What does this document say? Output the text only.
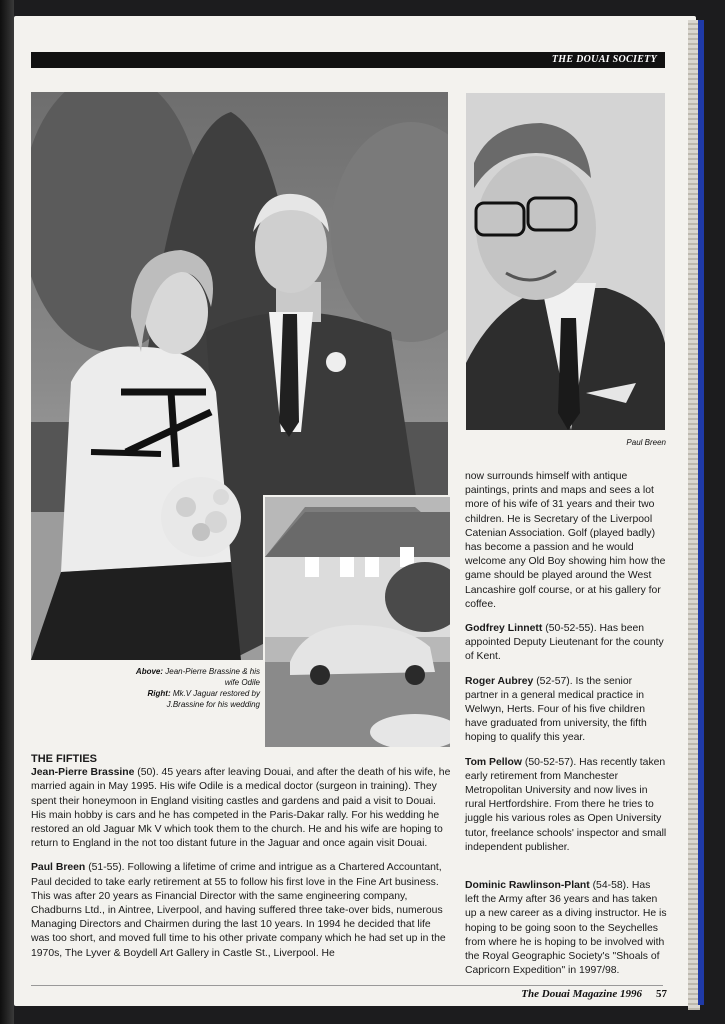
THE DOUAI SOCIETY
Above: Jean-Pierre Brassine & his wife Odile
Right: Mk.V Jaguar restored by J.Brassine for his wedding
Paul Breen
THE FIFTIES

Jean-Pierre Brassine (50). 45 years after leaving Douai, and after the death of his wife, he married again in May 1995. His wife Odile is a medical doctor (surgeon in training). They spent their honeymoon in England visiting castles and gardens and paid a visit to Douai. His main hobby is cars and he has competed in the Paris-Dakar rally. For his wedding he restored an old Jaguar Mk V which took them to the church. He and his wife are hoping to return to England in the not too distant future in the Jaguar and once again visit Douai.

Paul Breen (51-55). Following a lifetime of crime and intrigue as a Chartered Accountant, Paul decided to take early retirement at 55 to follow his first love in the Fine Art business. This was after 20 years as Financial Director with the same engineering company, Chadburns Ltd., in Aintree, Liverpool, and having suffered three take-over bids, numerous Managing Directors and Chairmen during the last 10 years. In 1994 he decided that life was too short, and moved full time to his other private company which he had set up in the 1970s, The Lyver & Boydell Art Gallery in Castle St., Liverpool. He

now surrounds himself with antique paintings, prints and maps and sees a lot more of his wife of 31 years and their two children. He is Secretary of the Liverpool Catenian Association. Golf (played badly) has become a passion and he would welcome any Old Boy showing him how the game should be played around the West Lancashire golf course, or at his gallery for coffee.

Godfrey Linnett (50-52-55). Has been appointed Deputy Lieutenant for the county of Kent.

Roger Aubrey (52-57). Is the senior partner in a general medical practice in Welwyn, Herts. Four of his five children have graduated from university, the fifth hoping to qualify this year.

Tom Pellow (50-52-57). Has recently taken early retirement from Manchester Metropolitan University and now lives in rural Hertfordshire. From there he tries to juggle his various roles as Open University tutor, freelance schools' inspector and small independent publisher.

Dominic Rawlinson-Plant (54-58). Has left the Army after 36 years and has taken up a new career as a diving instructor. He is hoping to be going soon to the Seychelles from where he is hoping to be involved with the Royal Geographic Society's "Shoals of Capricorn Expedition" in 1997/98.

The Douai Magazine 1996 57
